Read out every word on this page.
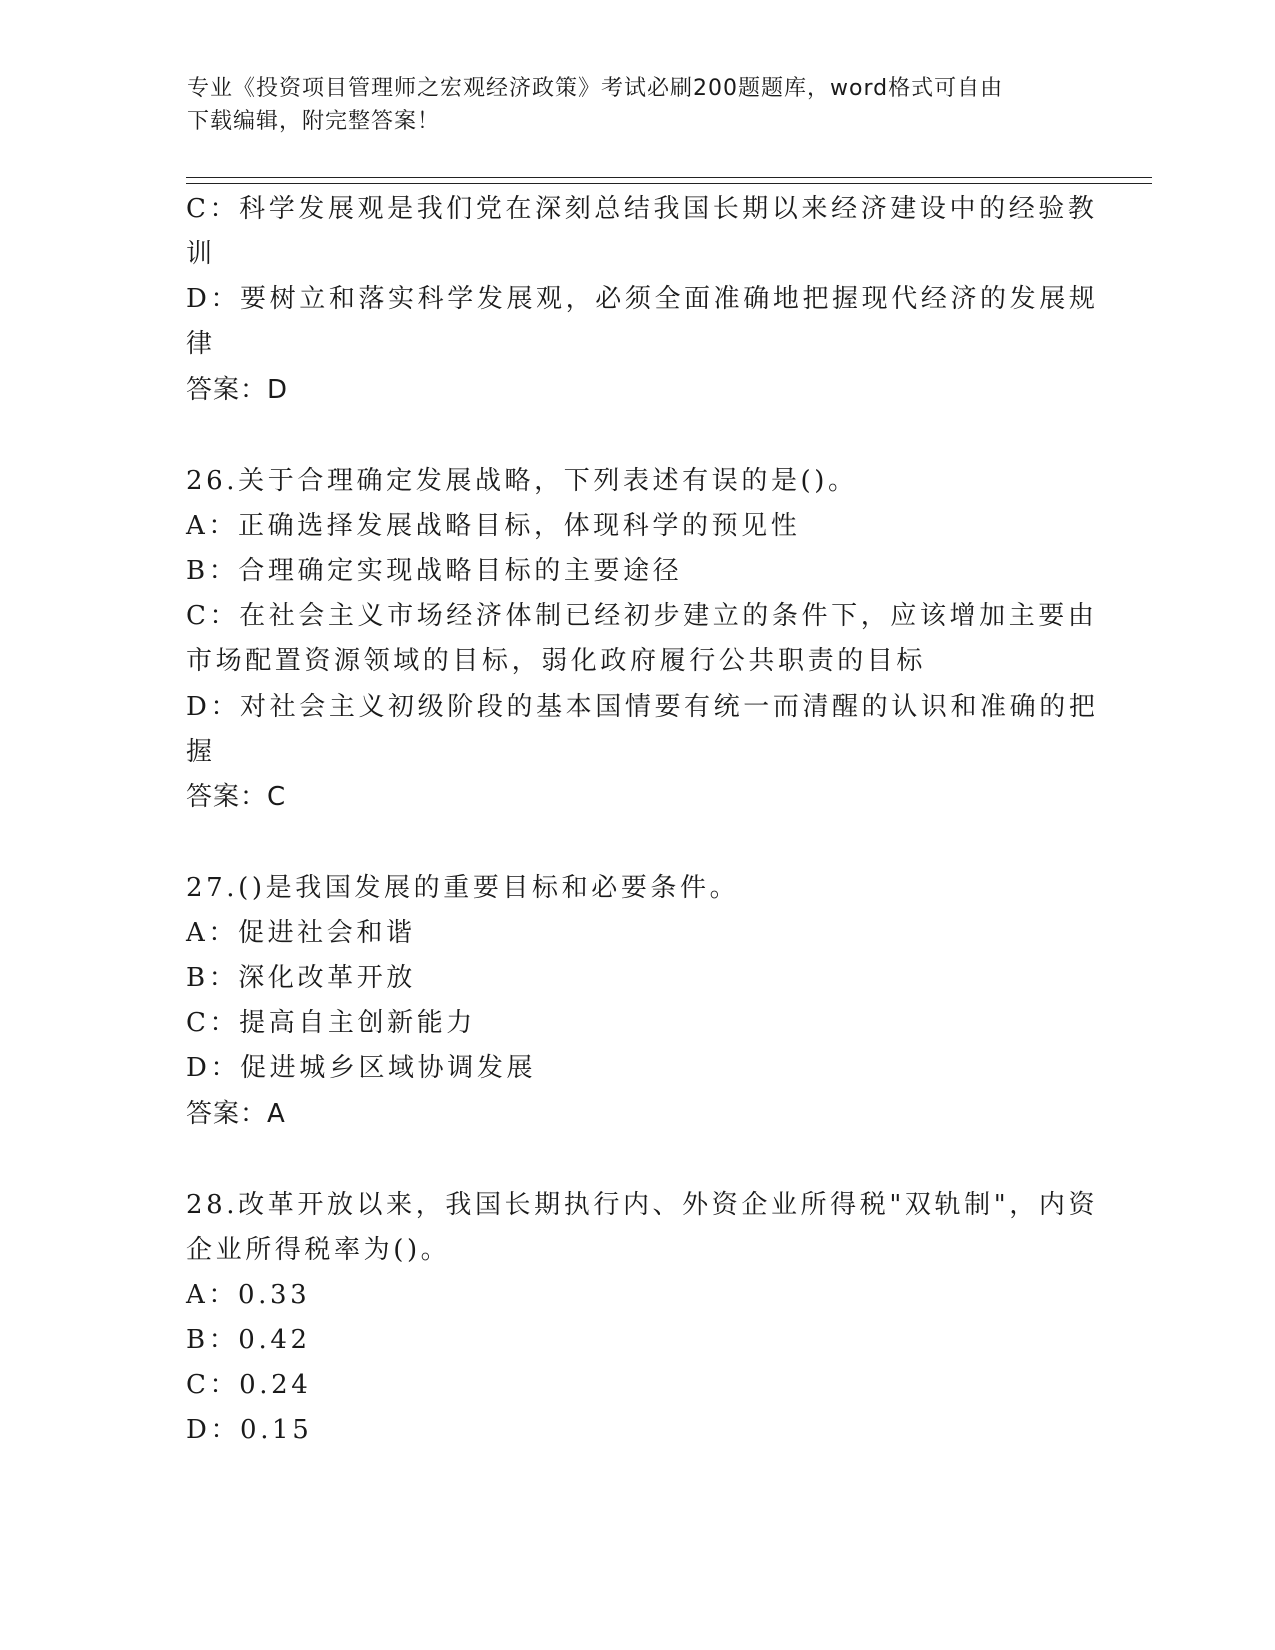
专业《投资项目管理师之宏观经济政策》考试必刷200题题库，word格式可自由
下载编辑，附完整答案！

C：科学发展观是我们党在深刻总结我国长期以来经济建设中的经验教

训

D：要树立和落实科学发展观，必须全面准确地把握现代经济的发展规

律

答案：D

26.关于合理确定发展战略，下列表述有误的是()。

A：正确选择发展战略目标，体现科学的预见性

B：合理确定实现战略目标的主要途径

C：在社会主义市场经济体制已经初步建立的条件下，应该增加主要由

市场配置资源领域的目标，弱化政府履行公共职责的目标

D：对社会主义初级阶段的基本国情要有统一而清醒的认识和准确的把

握

答案：C

27.()是我国发展的重要目标和必要条件。

A：促进社会和谐

B：深化改革开放

C：提高自主创新能力

D：促进城乡区域协调发展

答案：A

28.改革开放以来，我国长期执行内、外资企业所得税"双轨制"，内资

企业所得税率为()。

A：0.33

B：0.42

C：0.24

D：0.15
